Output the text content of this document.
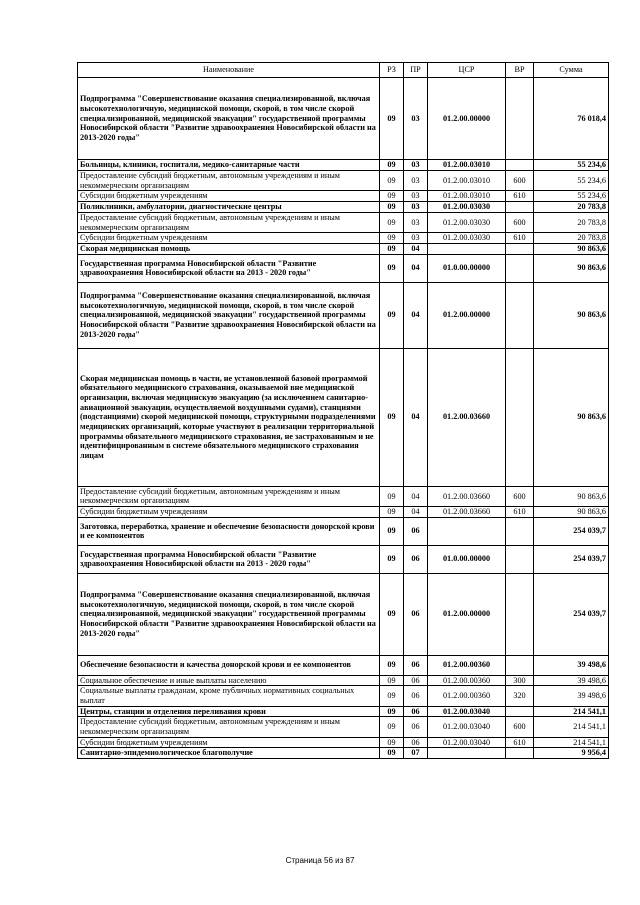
Наименование	РЗ	ПР	ЦСР	ВР	Сумма
Подпрограмма "Совершенствование оказания специализированной, включая высокотехнологичную, медицинской помощи, скорой, в том числе скорой специализированной, медицинской эвакуации" государственной программы Новосибирской области "Развитие здравоохранения Новосибирской области на 2013-2020 годы"	09	03	01.2.00.00000		76 018,4
Больницы, клиники, госпитали, медико-санитарные части	09	03	01.2.00.03010		55 234,6
Предоставление субсидий бюджетным, автономным учреждениям и иным некоммерческим организациям	09	03	01.2.00.03010	600	55 234,6
Субсидии бюджетным учреждениям	09	03	01.2.00.03010	610	55 234,6
Поликлиники, амбулатории, диагностические центры	09	03	01.2.00.03030		20 783,8
Предоставление субсидий бюджетным, автономным учреждениям и иным некоммерческим организациям	09	03	01.2.00.03030	600	20 783,8
Субсидии бюджетным учреждениям	09	03	01.2.00.03030	610	20 783,8
Скорая медицинская помощь	09	04			90 863,6
Государственная программа Новосибирской области "Развитие здравоохранения Новосибирской области на 2013 - 2020 годы"	09	04	01.0.00.00000		90 863,6
Подпрограмма "Совершенствование оказания специализированной, включая высокотехнологичную, медицинской помощи, скорой, в том числе скорой специализированной, медицинской эвакуации" государственной программы Новосибирской области "Развитие здравоохранения Новосибирской области на 2013-2020 годы"	09	04	01.2.00.00000		90 863,6
Скорая медицинская помощь в части, не установленной базовой программой обязательного медицинского страхования, оказываемой вне медицинской организации, включая медицинскую эвакуацию (за исключением санитарно-авиационной эвакуации, осуществляемой воздушными судами), станциями (подстанциями) скорой медицинской помощи, структурными подразделениями медицинских организаций, которые участвуют в реализации территориальной программы обязательного медицинского страхования, не застрахованным и не идентифицированным в системе обязательного медицинского страхования лицам	09	04	01.2.00.03660		90 863,6
Предоставление субсидий бюджетным, автономным учреждениям и иным некоммерческим организациям	09	04	01.2.00.03660	600	90 863,6
Субсидии бюджетным учреждениям	09	04	01.2.00.03660	610	90 863,6
Заготовка, переработка, хранение и обеспечение безопасности донорской крови и ее компонентов	09	06			254 039,7
Государственная программа Новосибирской области "Развитие здравоохранения Новосибирской области на 2013 - 2020 годы"	09	06	01.0.00.00000		254 039,7
Подпрограмма "Совершенствование оказания специализированной, включая высокотехнологичную, медицинской помощи, скорой, в том числе скорой специализированной, медицинской эвакуации" государственной программы Новосибирской области "Развитие здравоохранения Новосибирской области на 2013-2020 годы"	09	06	01.2.00.00000		254 039,7
Обеспечение безопасности и качества донорской крови и ее компонентов	09	06	01.2.00.00360		39 498,6
Социальное обеспечение и иные выплаты населению	09	06	01.2.00.00360	300	39 498,6
Социальные выплаты гражданам, кроме публичных нормативных социальных выплат	09	06	01.2.00.00360	320	39 498,6
Центры, станции и отделения переливания крови	09	06	01.2.00.03040		214 541,1
Предоставление субсидий бюджетным, автономным учреждениям и иным некоммерческим организациям	09	06	01.2.00.03040	600	214 541,1
Субсидии бюджетным учреждениям	09	06	01.2.00.03040	610	214 541,1
Санитарно-эпидемиологическое благополучие	09	07			9 956,4
Страница 56 из 87
